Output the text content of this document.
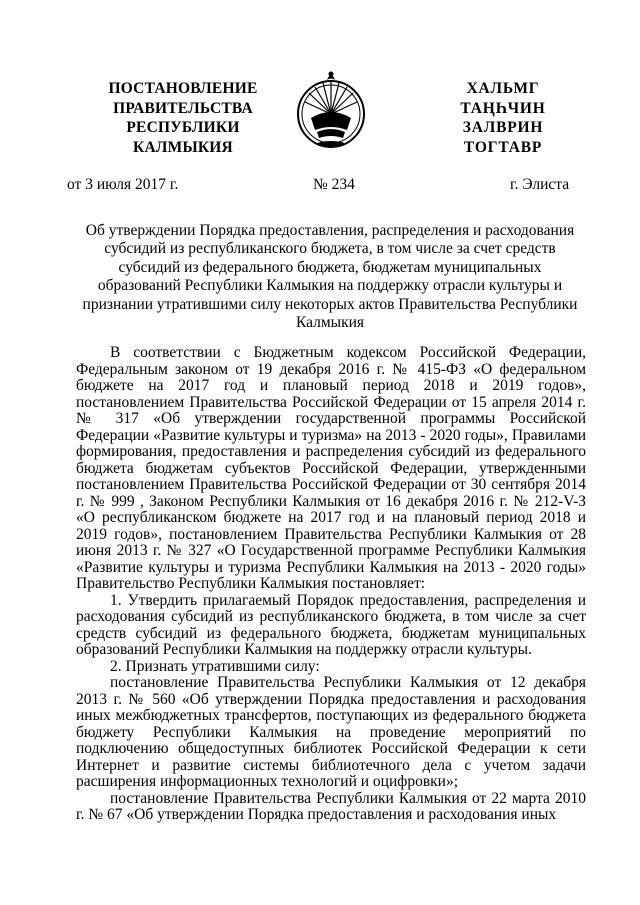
ПОСТАНОВЛЕНИЕ
ПРАВИТЕЛЬСТВА
РЕСПУБЛИКИ
КАЛМЫКИЯ
ХАЛЬМГ
ТАҢҺЧИН
ЗАЛВРИН
ТОГТАВР
от 3 июля 2017 г.	№ 234	г. Элиста
Об утверждении Порядка предоставления, распределения и расходования субсидий из республиканского бюджета, в том числе за счет средств субсидий из федерального бюджета, бюджетам муниципальных образований Республики Калмыкия на поддержку отрасли культуры и признании утратившими силу некоторых актов Правительства Республики Калмыкия

В соответствии с Бюджетным кодексом Российской Федерации, Федеральным законом от 19 декабря 2016 г. № 415-ФЗ «О федеральном бюджете на 2017 год и плановый период 2018 и 2019 годов», постановлением Правительства Российской Федерации от 15 апреля 2014 г. № 317 «Об утверждении государственной программы Российской Федерации «Развитие культуры и туризма» на 2013 - 2020 годы», Правилами формирования, предоставления и распределения субсидий из федерального бюджета бюджетам субъектов Российской Федерации, утвержденными постановлением Правительства Российской Федерации от 30 сентября 2014 г. № 999 , Законом Республики Калмыкия от 16 декабря 2016 г. № 212-V-З «О республиканском бюджете на 2017 год и на плановый период 2018 и 2019 годов», постановлением Правительства Республики Калмыкия от 28 июня 2013 г. № 327 «О Государственной программе Республики Калмыкия «Развитие культуры и туризма Республики Калмыкия на 2013 - 2020 годы» Правительство Республики Калмыкия постановляет:

1. Утвердить прилагаемый Порядок предоставления, распределения и расходования субсидий из республиканского бюджета, в том числе за счет средств субсидий из федерального бюджета, бюджетам муниципальных образований Республики Калмыкия на поддержку отрасли культуры.

2. Признать утратившими силу:

постановление Правительства Республики Калмыкия от 12 декабря 2013 г. № 560 «Об утверждении Порядка предоставления и расходования иных межбюджетных трансфертов, поступающих из федерального бюджета бюджету Республики Калмыкия на проведение мероприятий по подключению общедоступных библиотек Российской Федерации к сети Интернет и развитие системы библиотечного дела с учетом задачи расширения информационных технологий и оцифровки»;

постановление Правительства Республики Калмыкия от 22 марта 2010 г. № 67 «Об утверждении Порядка предоставления и расходования иных
